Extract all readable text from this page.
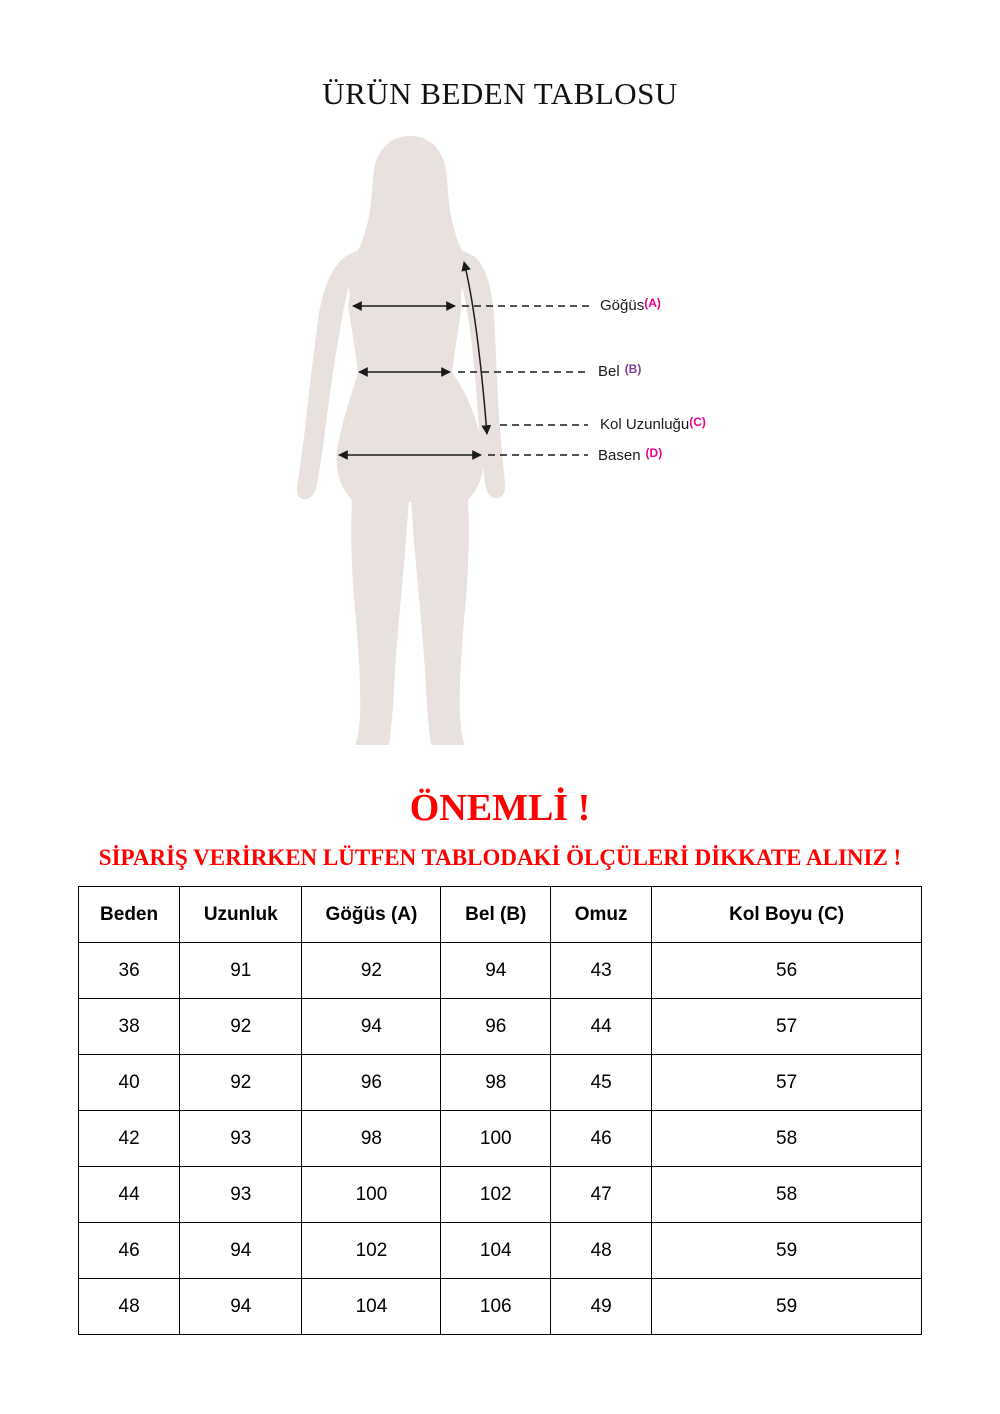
ÜRÜN BEDEN TABLOSU
Göğüs$^{(A)}$
Bel $^{(B)}$
Kol Uzunluğu$^{(C)}$
Basen $^{(D)}$
ÖNEMLİ !
SİPARİŞ VERİRKEN LÜTFEN TABLODAKİ ÖLÇÜLERİ DİKKATE ALINIZ !
Beden	Uzunluk	Göğüs (A)	Bel (B)	Omuz	Kol Boyu (C)
36	91	92	94	43	56
38	92	94	96	44	57
40	92	96	98	45	57
42	93	98	100	46	58
44	93	100	102	47	58
46	94	102	104	48	59
48	94	104	106	49	59
